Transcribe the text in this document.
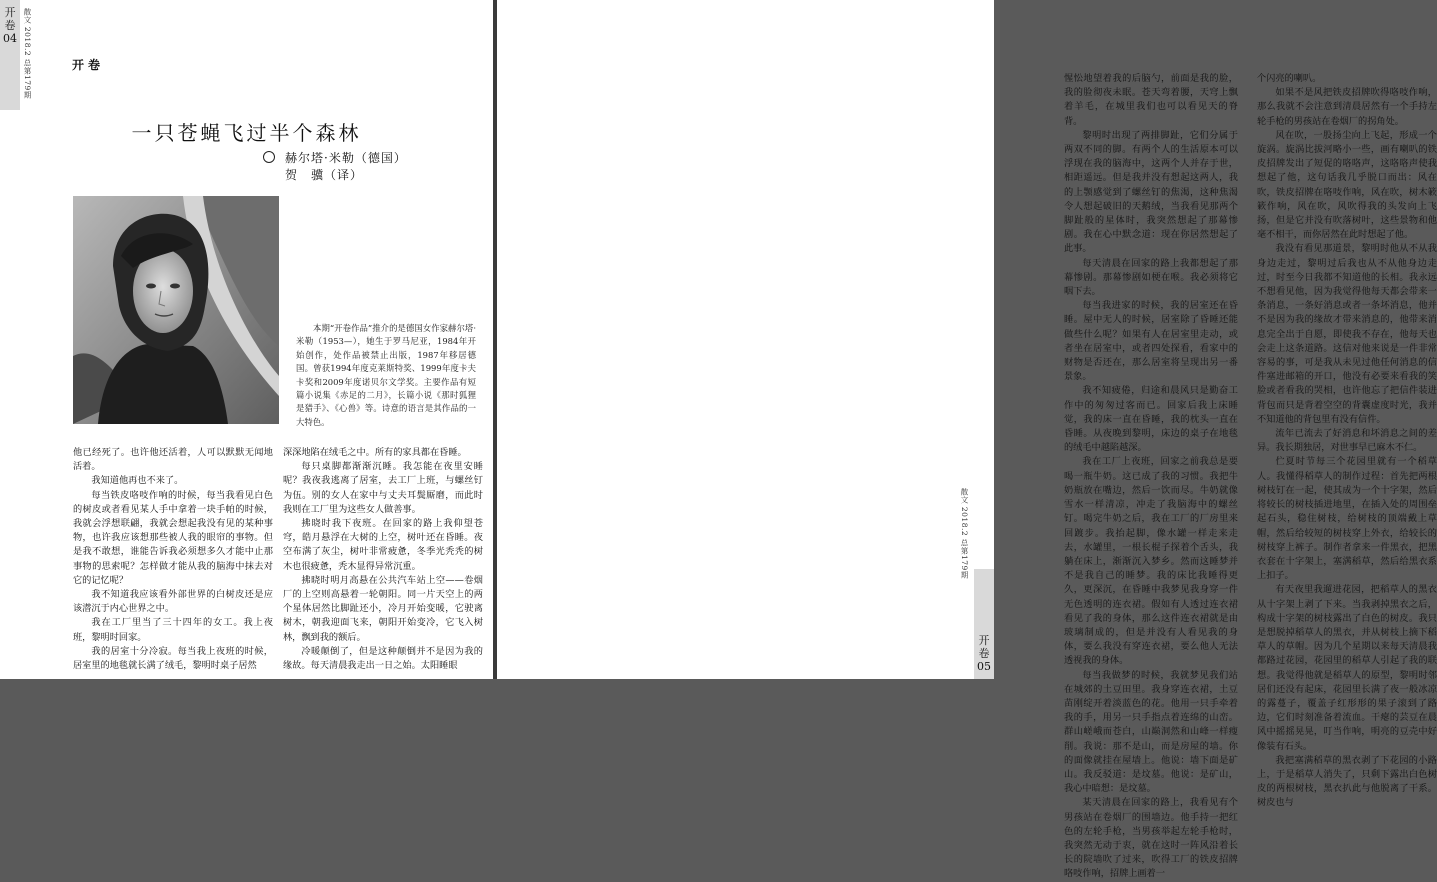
开
卷
04 散文 2018.2 总第179期	开卷
一只苍蝇飞过半个森林
赫尔塔·米勒（德国）
贺　骥（译）
本期“开卷作品”推介的是德国女作家赫尔塔·米勒（1953—），她生于罗马尼亚，1984年开始创作，处作品被禁止出版，1987年移居德国。曾获1994年度克莱斯特奖、1999年度卡夫卡奖和2009年度诺贝尔文学奖。主要作品有短篇小说集《赤足的二月》，长篇小说《那时狐狸是猎手》、《心兽》等。诗意的语言是其作品的一大特色。

他已经死了。也许他还活着，人可以默默无闻地活着。

我知道他再也不来了。

每当铁皮咯吱作响的时候，每当我看见白色的树皮或者看见某人手中拿着一块手帕的时候，我就会浮想联翩，我就会想起我没有见的某种事物，也许我应该想那些被人我的眼帘的事物。但是我不敢想，谁能告诉我必须想多久才能中止那事物的思索呢？怎样做才能从我的脑海中抹去对它的记忆呢？

我不知道我应该看外部世界的白树皮还是应该潜沉于内心世界之中。

我在工厂里当了三十四年的女工。我上夜班，黎明时回家。

我的居室十分冷寂。每当我上夜班的时候，居室里的地毯就长满了绒毛，黎明时桌子居然

深深地陷在绒毛之中。所有的家具都在昏睡。

每只桌脚都渐渐沉睡。我怎能在夜里安睡呢？我夜我逃离了居室，去工厂上班，与螺丝钉为伍。别的女人在家中与丈夫耳鬓厮磨，而此时我则在工厂里为这些女人做善事。

拂晓时我下夜班。在回家的路上我仰望苍穹，皓月悬浮在大树的上空，树叶还在昏睡。夜空布满了灰尘，树叶非常疲惫，冬季光秃秃的树木也很疲惫，秃木显得异常沉重。

拂晓时明月高悬在公共汽车站上空——卷烟厂的上空则高悬着一轮朝阳。同一片天空上的两个星体居然比脚趾还小，冷月开始变暖，它驶离树木，朝我迎面飞来，朝阳开始变冷，它飞入树林，飘到我的额后。

冷暖颠倒了，但是这种颠倒并不是因为我的缘故。每天清晨我走出一日之始。太阳睡眼

惺忪地望着我的后脑勺，前面是我的脸，我的脸彻夜未眠。苍天弯着腰，天穹上飘着羊毛，在城里我们也可以看见天的脊背。

黎明时出现了两排脚趾，它们分属于两双不同的脚。有两个人的生活原本可以浮现在我的脑海中，这两个人并存于世，相距遥远。但是我并没有想起这两人，我的上颚感觉到了螺丝钉的焦渴，这种焦渴令人想起破旧的天鹅绒，当我看见那两个脚趾般的星体时，我突然想起了那幕惨剧。我在心中默念道：现在你居然想起了此事。

每天清晨在回家的路上我都想起了那幕惨剧。那幕惨剧如梗在喉。我必须将它咽下去。

每当我进家的时候，我的居室还在昏睡。屋中无人的时候，居室除了昏睡还能做些什么呢？如果有人在居室里走动，或者坐在居室中，或者四处探看，看家中的财物是否还在，那么居室将呈现出另一番景象。

我不知疲倦，归途和晨风只是勤奋工作中的匆匆过客而已。回家后我上床睡觉，我的床一直在昏睡，我的枕头一直在昏睡。从夜晚到黎明，床边的桌子在地毯的绒毛中越陷越深。

我在工厂上夜班，回家之前我总是要喝一瓶牛奶。这已成了我的习惯。我把牛奶瓶放在嘴边，然后一饮而尽。牛奶就像雪水一样清凉，冲走了我脑海中的螺丝钉。喝完牛奶之后，我在工厂的厂房里来回踱步。我抬起脚，像水罐一样走来走去，水罐里，一根长棍子探着个舌头，我躺在床上，渐渐沉入梦乡。然而这睡梦并不是我自己的睡梦。我的床比我睡得更久，更深沉，在昏睡中我梦见我身穿一件无色透明的连衣裙。假如有人透过连衣裙看见了我的身体，那么这件连衣裙就是由玻璃制成的，但是并没有人看见我的身体，要么我没有穿连衣裙，要么他人无法透视我的身体。

每当我做梦的时候，我就梦见我们站在城郊的土豆田里。我身穿连衣裙，土豆苗刚绽开着淡蓝色的花。他用一只手牵着我的手，用另一只手指点着连绵的山峦。群山嵯峨而苍白，山巅洞然和山峰一样瘦削。我说：那不是山，而是房屋的墙。你的面像就挂在屋墙上。他说：墙下面是矿山。我反驳道：是坟墓。他说：是矿山，我心中暗想：是坟墓。

某天清晨在回家的路上，我看见有个男孩站在卷烟厂的围墙边。他手持一把红色的左轮手枪，当男孩举起左轮手枪时，我突然无动于衷，就在这时一阵风沿着长长的院墙吹了过来，吹得工厂的铁皮招牌咯吱作响，招牌上画着一

个闪亮的喇叭。

如果不是风把铁皮招牌吹得咯吱作响，那么我就不会注意到清晨居然有一个手持左轮手枪的男孩站在卷烟厂的拐角处。

风在吹，一股扬尘向上飞起，形成一个旋涡。旋涡比拔河略小一些，画有喇叭的铁皮招牌发出了短促的咯咯声，这咯咯声使我想起了他，这句话我几乎脱口而出：风在吹，铁皮招牌在咯吱作响，风在吹，树木簌簌作响，风在吹，风吹得我的头发向上飞扬，但是它并没有吹落树叶，这些景物和他毫不相干，而你居然在此时想起了他。

我没有看见那道景，黎明时他从不从我身边走过，黎明过后我也从不从他身边走过，时至今日我都不知道他的长相。我永远不想看见他，因为我觉得他每天都会带来一条消息，一条好消息或者一条坏消息，他并不是因为我的缘故才带来消息的，他带来消息完全出于自愿，即使我不存在，他每天也会走上这条道路。这信对他来说是一件非常容易的事，可是我从未见过他任何消息的信件塞进邮箱的开口，他没有必要来看我的笑脸或者看我的哭相，也许他忘了把信件装进背包而只是背着空空的背囊虚度时光，我并不知道他的背包里有没有信件。

流年已流去了好消息和坏消息之间的差异。我长期独居，对世事早已麻木不仁。

伫夏时节每三个花园里就有一个稻草人。我懂得稻草人的制作过程：首先把两根树枝钉在一起，使其成为一个十字架，然后将较长的树枝插进地里，在插入处的周围垒起石头，稳住树枝，给树枝的顶端戴上草帽，然后给较短的树枝穿上外衣，给较长的树枝穿上裤子。制作者拿来一件黑衣，把黑衣套在十字架上，塞满稻草，然后给黑衣系上扣子。

有天夜里我遛进花园，把稻草人的黑衣从十字架上剥了下来。当我剥掉黑衣之后，构成十字架的树枝露出了白色的树皮。我只是想脱掉稻草人的黑衣，并从树枝上摘下稻草人的草帽。因为几个星期以来每天清晨我都路过花园，花园里的稻草人引起了我的联想。我觉得他就是稻草人的原型，黎明时邻居们还没有起床，花园里长满了夜一般冰凉的露蔓子，覆盖子红形形的果子滚到了路边，它们时刻准备着流血。干瘪的芸豆在晨风中摇摇晃晃，叮当作响，明亮的豆壳中好像装有石头。

我把塞满稻草的黑衣剥了下花园的小路上，于是稻草人消失了，只剩下露出白色树皮的两根树枝，黑衣扒此与他脱离了干系。树皮也与

散文 2018.2 总第179期
开
卷
05
